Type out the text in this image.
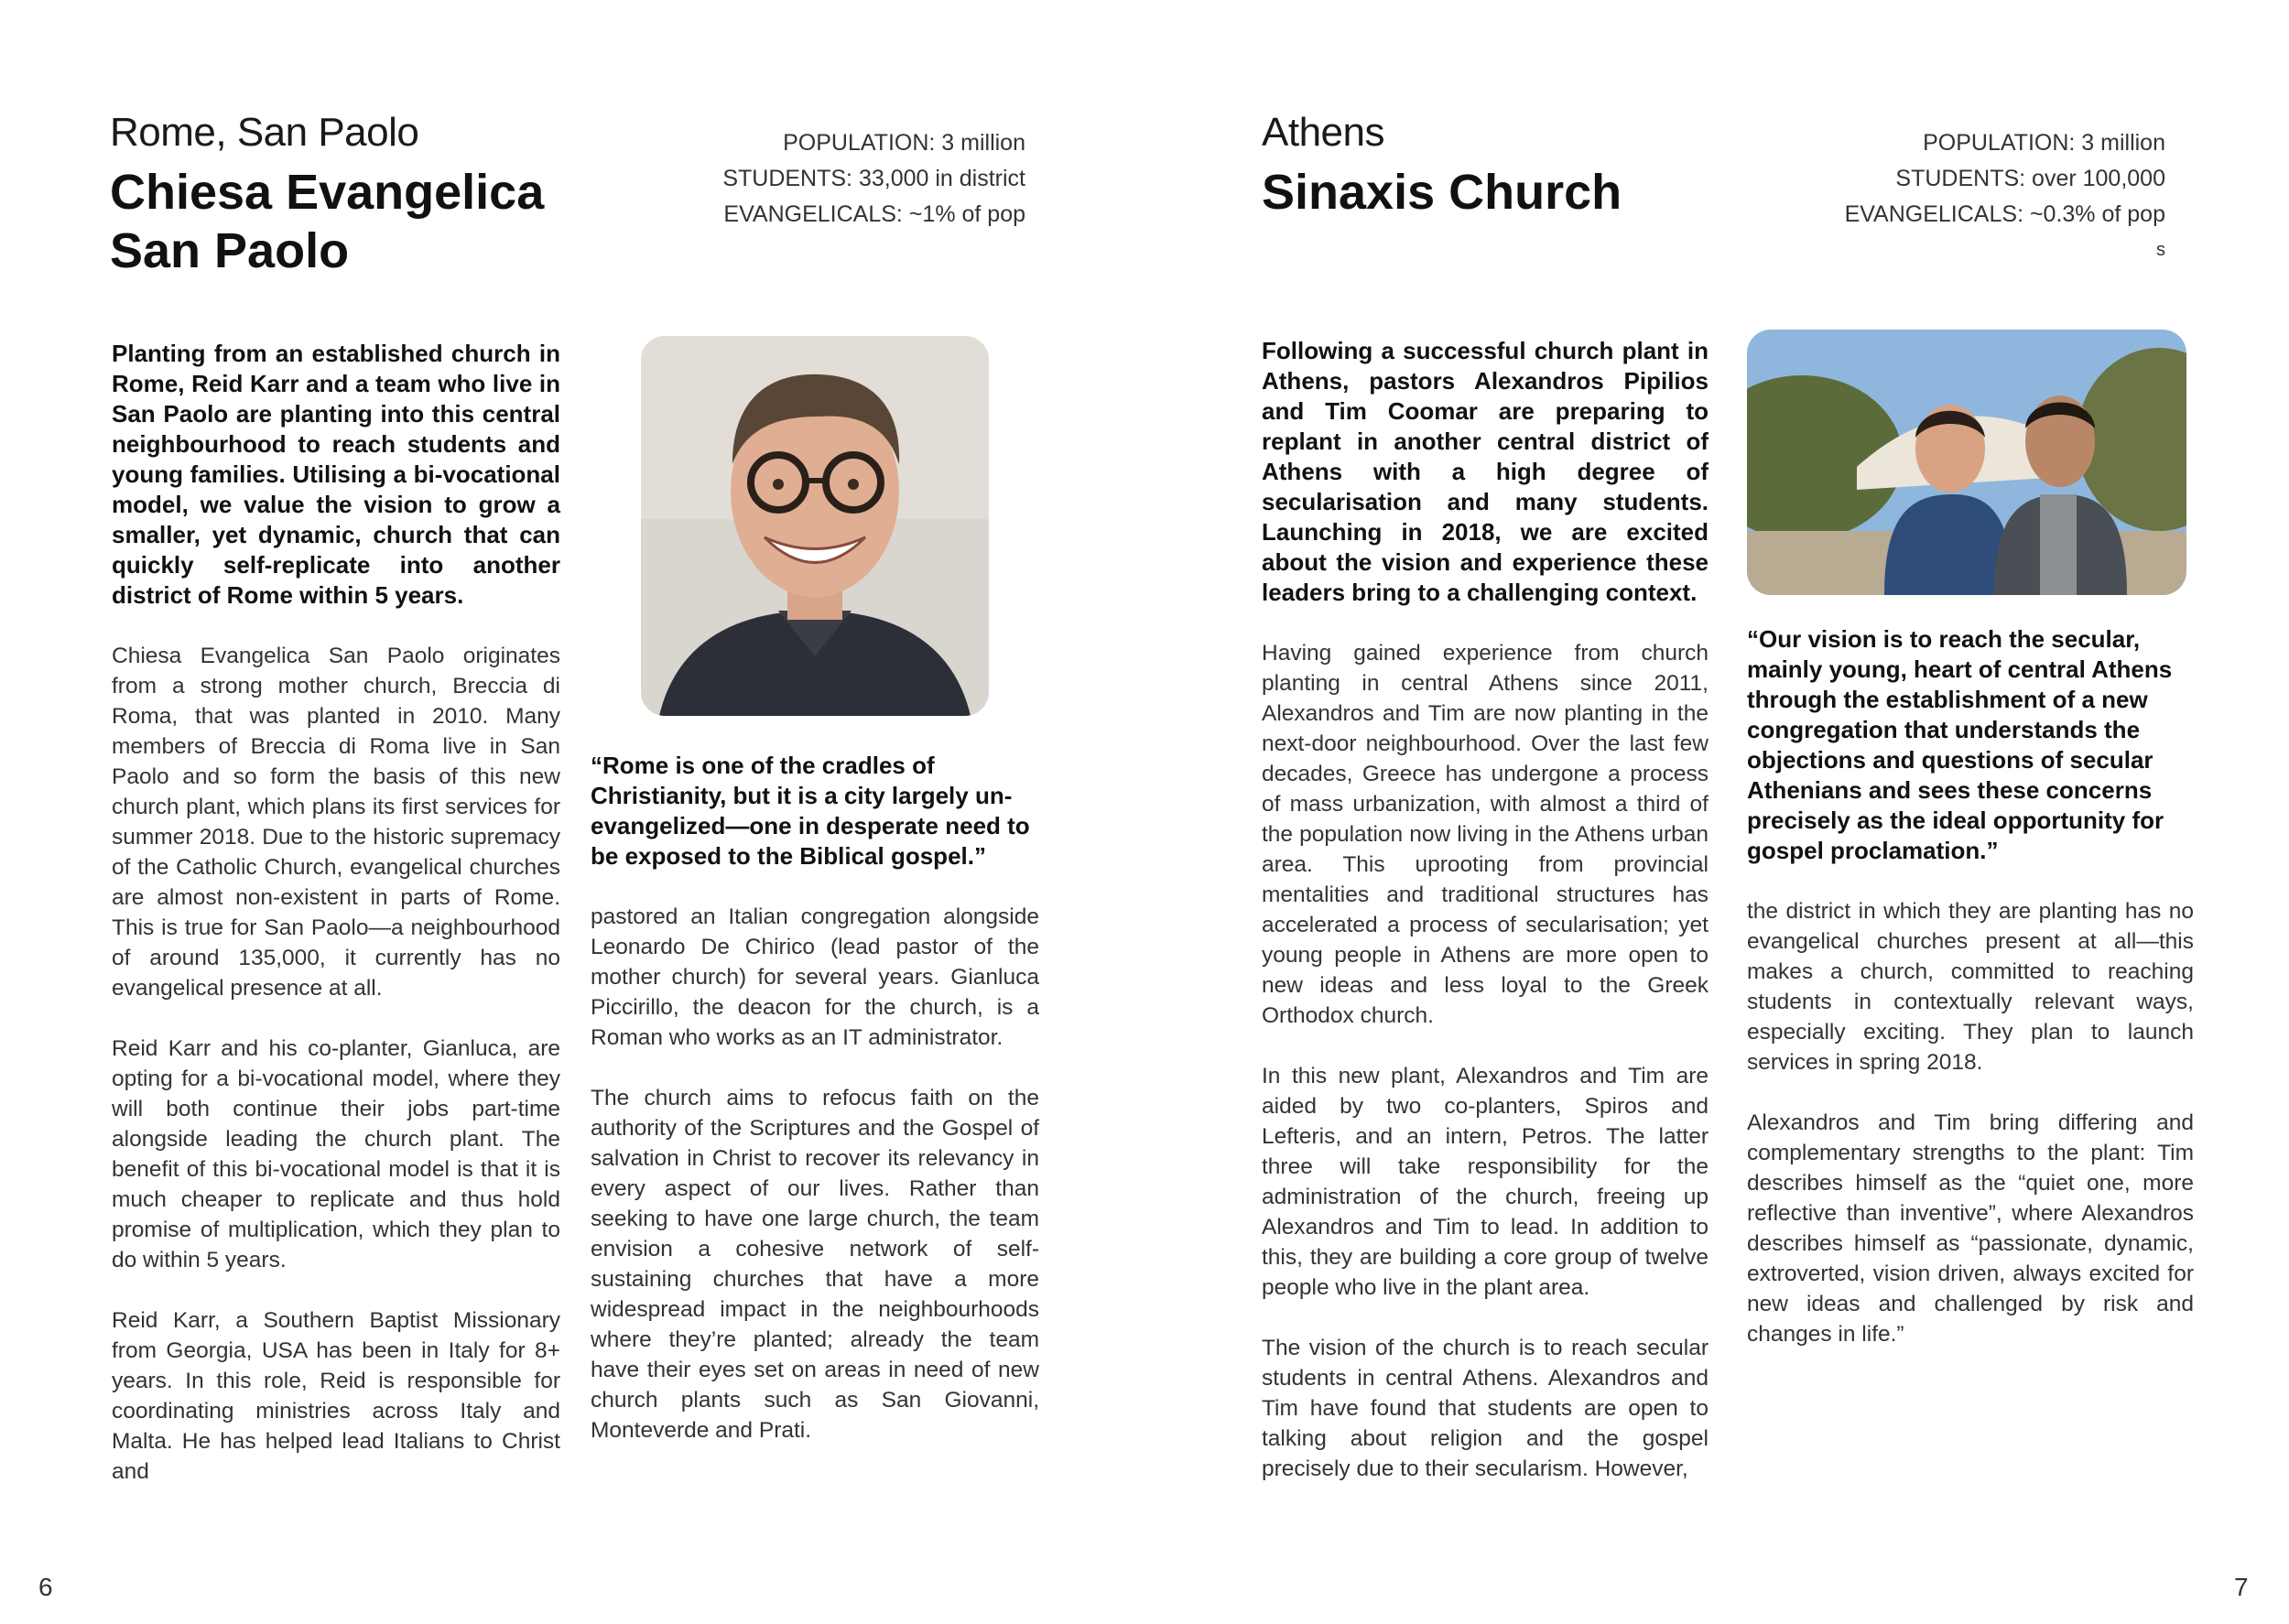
Rome, San Paolo
Chiesa Evangelica
San Paolo
POPULATION: 3 million
STUDENTS: 33,000 in district
EVANGELICALS: ~1% of pop

Planting from an established church in Rome, Reid Karr and a team who live in San Paolo are planting into this central neighbourhood to reach students and young families. Utilising a bi-vocational model, we value the vision to grow a smaller, yet dynamic, church that can quickly self-replicate into another district of Rome within 5 years.

Chiesa Evangelica San Paolo originates from a strong mother church, Breccia di Roma, that was planted in 2010. Many members of Breccia di Roma live in San Paolo and so form the basis of this new church plant, which plans its first services for summer 2018. Due to the historic supremacy of the Catholic Church, evangelical churches are almost non-existent in parts of Rome. This is true for San Paolo—a neighbourhood of around 135,000, it currently has no evangelical presence at all.

Reid Karr and his co-planter, Gianluca, are opting for a bi-vocational model, where they will both continue their jobs part-time alongside leading the church plant. The benefit of this bi-vocational model is that it is much cheaper to replicate and thus hold promise of multiplication, which they plan to do within 5 years.

Reid Karr, a Southern Baptist Missionary from Georgia, USA has been in Italy for 8+ years. In this role, Reid is responsible for coordinating ministries across Italy and Malta. He has helped lead Italians to Christ and

“Rome is one of the cradles of Christianity, but it is a city largely un-evangelized—one in desperate need to be exposed to the Biblical gospel.”

pastored an Italian congregation alongside Leonardo De Chirico (lead pastor of the mother church) for several years. Gianluca Piccirillo, the deacon for the church, is a Roman who works as an IT administrator.

The church aims to refocus faith on the authority of the Scriptures and the Gospel of salvation in Christ to recover its relevancy in every aspect of our lives. Rather than seeking to have one large church, the team envision a cohesive network of self-sustaining churches that have a more widespread impact in the neighbourhoods where they’re planted; already the team have their eyes set on areas in need of new church plants such as San Giovanni, Monteverde and Prati.

6
Athens
Sinaxis Church
POPULATION: 3 million
STUDENTS: over 100,000
EVANGELICALS: ~0.3% of pop
s

Following a successful church plant in Athens, pastors Alexandros Pipilios and Tim Coomar are preparing to replant in another central district of Athens with a high degree of secularisation and many students. Launching in 2018, we are excited about the vision and experience these leaders bring to a challenging context.

Having gained experience from church planting in central Athens since 2011, Alexandros and Tim are now planting in the next-door neighbourhood. Over the last few decades, Greece has undergone a process of mass urbanization, with almost a third of the population now living in the Athens urban area. This uprooting from provincial mentalities and traditional structures has accelerated a process of secularisation; yet young people in Athens are more open to new ideas and less loyal to the Greek Orthodox church.

In this new plant, Alexandros and Tim are aided by two co-planters, Spiros and Lefteris, and an intern, Petros. The latter three will take responsibility for the administration of the church, freeing up Alexandros and Tim to lead. In addition to this, they are building a core group of twelve people who live in the plant area.

The vision of the church is to reach secular students in central Athens. Alexandros and Tim have found that students are open to talking about religion and the gospel precisely due to their secularism. However,

“Our vision is to reach the secular, mainly young, heart of central Athens through the establishment of a new congregation that understands the objections and questions of secular Athenians and sees these concerns precisely as the ideal opportunity for gospel proclamation.”

the district in which they are planting has no evangelical churches present at all—this makes a church, committed to reaching students in contextually relevant ways, especially exciting. They plan to launch services in spring 2018.

Alexandros and Tim bring differing and complementary strengths to the plant: Tim describes himself as the “quiet one, more reflective than inventive”, where Alexandros describes himself as “passionate, dynamic, extroverted, vision driven, always excited for new ideas and challenged by risk and changes in life.”

7
